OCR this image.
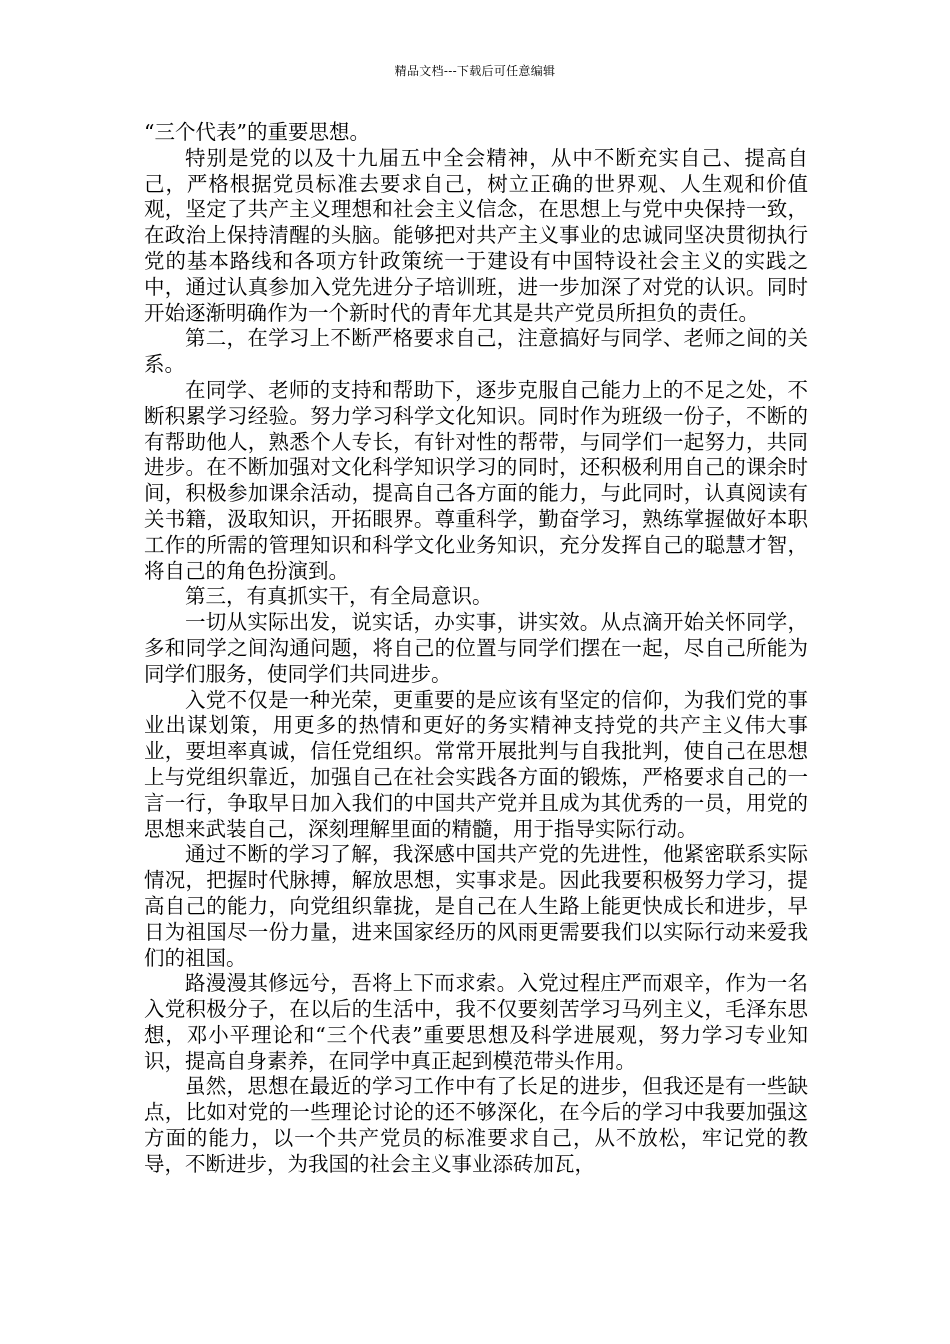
精品文档---下载后可任意编辑

“三个代表”的重要思想。

特别是党的以及十九届五中全会精神，从中不断充实自己、提高自己，严格根据党员标准去要求自己，树立正确的世界观、人生观和价值观，坚定了共产主义理想和社会主义信念，在思想上与党中央保持一致，在政治上保持清醒的头脑。能够把对共产主义事业的忠诚同坚决贯彻执行党的基本路线和各项方针政策统一于建设有中国特设社会主义的实践之中，通过认真参加入党先进分子培训班，进一步加深了对党的认识。同时开始逐渐明确作为一个新时代的青年尤其是共产党员所担负的责任。

第二，在学习上不断严格要求自己，注意搞好与同学、老师之间的关系。

在同学、老师的支持和帮助下，逐步克服自己能力上的不足之处，不断积累学习经验。努力学习科学文化知识。同时作为班级一份子，不断的有帮助他人，熟悉个人专长，有针对性的帮带，与同学们一起努力，共同进步。在不断加强对文化科学知识学习的同时，还积极利用自己的课余时间，积极参加课余活动，提高自己各方面的能力，与此同时，认真阅读有关书籍，汲取知识，开拓眼界。尊重科学，勤奋学习，熟练掌握做好本职工作的所需的管理知识和科学文化业务知识，充分发挥自己的聪慧才智，将自己的角色扮演到。

第三，有真抓实干，有全局意识。

一切从实际出发，说实话，办实事，讲实效。从点滴开始关怀同学，多和同学之间沟通问题，将自己的位置与同学们摆在一起，尽自己所能为同学们服务，使同学们共同进步。

入党不仅是一种光荣，更重要的是应该有坚定的信仰，为我们党的事业出谋划策，用更多的热情和更好的务实精神支持党的共产主义伟大事业，要坦率真诚，信任党组织。常常开展批判与自我批判，使自己在思想上与党组织靠近，加强自己在社会实践各方面的锻炼，严格要求自己的一言一行，争取早日加入我们的中国共产党并且成为其优秀的一员，用党的思想来武装自己，深刻理解里面的精髓，用于指导实际行动。

通过不断的学习了解，我深感中国共产党的先进性，他紧密联系实际情况，把握时代脉搏，解放思想，实事求是。因此我要积极努力学习，提高自己的能力，向党组织靠拢，是自己在人生路上能更快成长和进步，早日为祖国尽一份力量，进来国家经历的风雨更需要我们以实际行动来爱我们的祖国。

路漫漫其修远兮，吾将上下而求索。入党过程庄严而艰辛，作为一名入党积极分子，在以后的生活中，我不仅要刻苦学习马列主义，毛泽东思想，邓小平理论和“三个代表”重要思想及科学进展观，努力学习专业知识，提高自身素养，在同学中真正起到模范带头作用。

虽然，思想在最近的学习工作中有了长足的进步，但我还是有一些缺点，比如对党的一些理论讨论的还不够深化，在今后的学习中我要加强这方面的能力，以一个共产党员的标准要求自己，从不放松，牢记党的教导，不断进步，为我国的社会主义事业添砖加瓦，
